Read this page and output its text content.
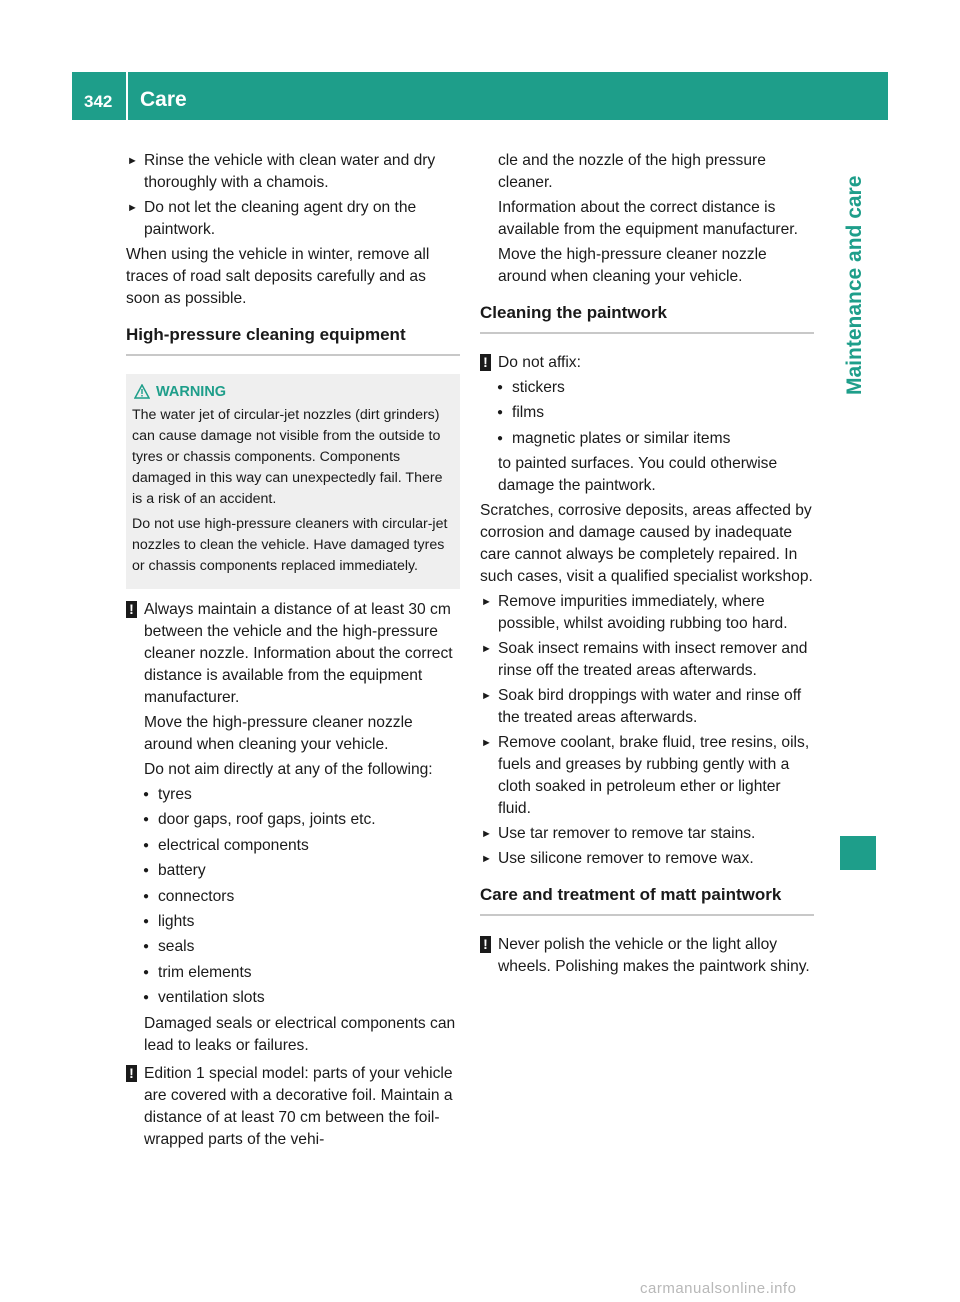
342 Care
Maintenance and care
► Rinse the vehicle with clean water and dry thoroughly with a chamois.
► Do not let the cleaning agent dry on the paintwork.

When using the vehicle in winter, remove all traces of road salt deposits carefully and as soon as possible.

High-pressure cleaning equipment
WARNING

The water jet of circular-jet nozzles (dirt grinders) can cause damage not visible from the outside to tyres or chassis components. Components damaged in this way can unexpectedly fail. There is a risk of an accident.

Do not use high-pressure cleaners with circular-jet nozzles to clean the vehicle. Have damaged tyres or chassis components replaced immediately.

! Always maintain a distance of at least 30 cm between the vehicle and the high-pressure cleaner nozzle. Information about the correct distance is available from the equipment manufacturer.

Move the high-pressure cleaner nozzle around when cleaning your vehicle.

Do not aim directly at any of the following:

● tyres
● door gaps, roof gaps, joints etc.
● electrical components
● battery
● connectors
● lights
● seals
● trim elements
● ventilation slots

Damaged seals or electrical components can lead to leaks or failures.

! Edition 1 special model: parts of your vehicle are covered with a decorative foil. Maintain a distance of at least 70 cm between the foil-wrapped parts of the vehi-

cle and the nozzle of the high pressure cleaner.

Information about the correct distance is available from the equipment manufacturer.

Move the high-pressure cleaner nozzle around when cleaning your vehicle.

Cleaning the paintwork
! Do not affix:

● stickers
● films
● magnetic plates or similar items

to painted surfaces. You could otherwise damage the paintwork.

Scratches, corrosive deposits, areas affected by corrosion and damage caused by inadequate care cannot always be completely repaired. In such cases, visit a qualified specialist workshop.

► Remove impurities immediately, where possible, whilst avoiding rubbing too hard.
► Soak insect remains with insect remover and rinse off the treated areas afterwards.
► Soak bird droppings with water and rinse off the treated areas afterwards.
► Remove coolant, brake fluid, tree resins, oils, fuels and greases by rubbing gently with a cloth soaked in petroleum ether or lighter fluid.
► Use tar remover to remove tar stains.
► Use silicone remover to remove wax.
Care and treatment of matt paintwork
! Never polish the vehicle or the light alloy wheels. Polishing makes the paintwork shiny.

carmanualsonline.info
